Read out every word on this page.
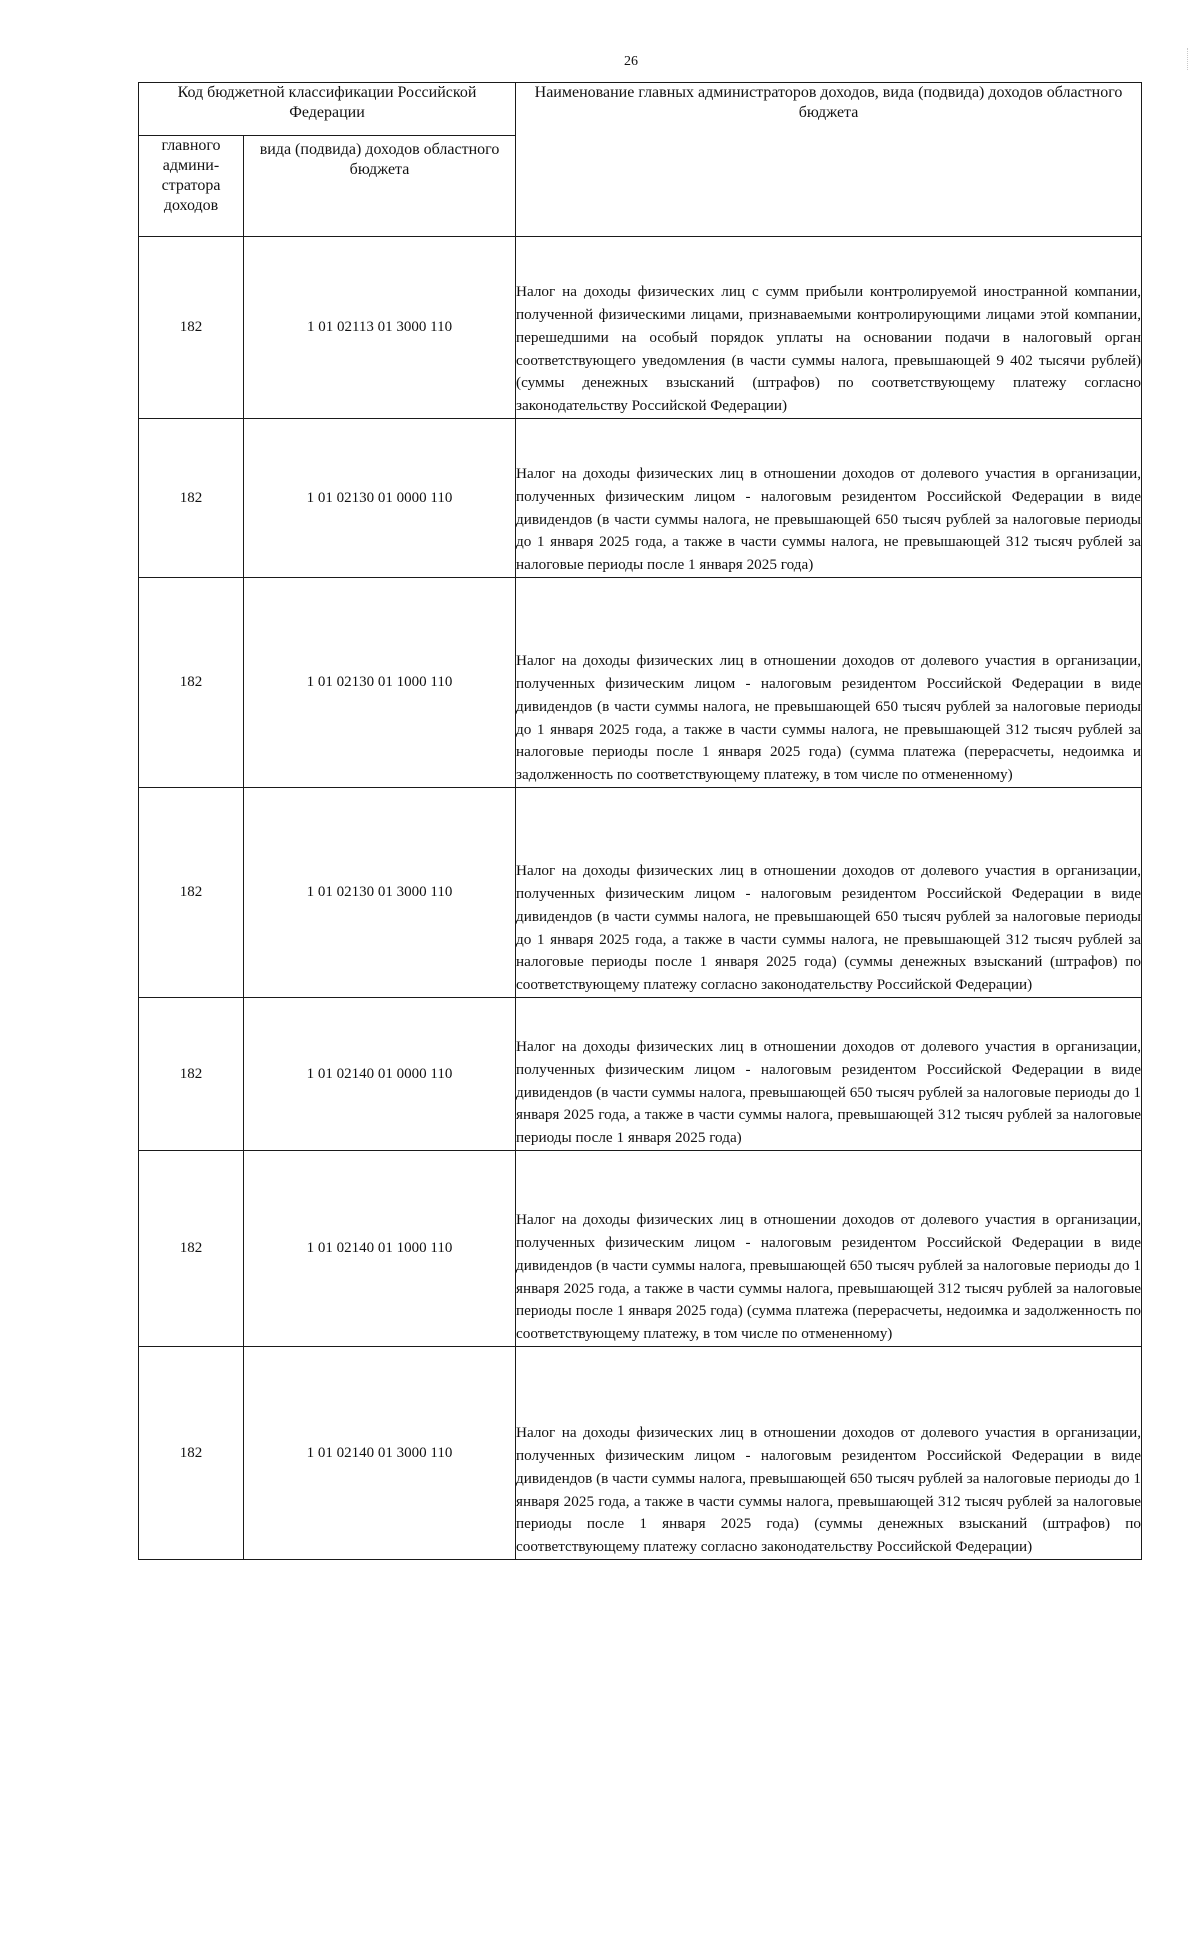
26
Код бюджетной классификации Российской Федерации		Наименование главных администраторов доходов, вида (подвида) доходов областного бюджета
главного админи-стратора доходов	вида (подвида) доходов областного бюджета	
182	1 01 02113 01 3000 110	Налог на доходы физических лиц с сумм прибыли контролируемой иностранной компании, полученной физическими лицами, признаваемыми контролирующими лицами этой компании, перешедшими на особый порядок уплаты на основании подачи в налоговый орган соответствующего уведомления (в части суммы налога, превышающей 9 402 тысячи рублей) (суммы денежных взысканий (штрафов) по соответствующему платежу согласно законодательству Российской Федерации)
182	1 01 02130 01 0000 110	Налог на доходы физических лиц в отношении доходов от долевого участия в организации, полученных физическим лицом - налоговым резидентом Российской Федерации в виде дивидендов (в части суммы налога, не превышающей 650 тысяч рублей за налоговые периоды до 1 января 2025 года, а также в части суммы налога, не превышающей 312 тысяч рублей за налоговые периоды после 1 января 2025 года)
182	1 01 02130 01 1000 110	Налог на доходы физических лиц в отношении доходов от долевого участия в организации, полученных физическим лицом - налоговым резидентом Российской Федерации в виде дивидендов (в части суммы налога, не превышающей 650 тысяч рублей за налоговые периоды до 1 января 2025 года, а также в части суммы налога, не превышающей 312 тысяч рублей за налоговые периоды после 1 января 2025 года) (сумма платежа (перерасчеты, недоимка и задолженность по соответствующему платежу, в том числе по отмененному)
182	1 01 02130 01 3000 110	Налог на доходы физических лиц в отношении доходов от долевого участия в организации, полученных физическим лицом - налоговым резидентом Российской Федерации в виде дивидендов (в части суммы налога, не превышающей 650 тысяч рублей за налоговые периоды до 1 января 2025 года, а также в части суммы налога, не превышающей 312 тысяч рублей за налоговые периоды после 1 января 2025 года) (суммы денежных взысканий (штрафов) по соответствующему платежу согласно законодательству Российской Федерации)
182	1 01 02140 01 0000 110	Налог на доходы физических лиц в отношении доходов от долевого участия в организации, полученных физическим лицом - налоговым резидентом Российской Федерации в виде дивидендов (в части суммы налога, превышающей 650 тысяч рублей за налоговые периоды до 1 января 2025 года, а также в части суммы налога, превышающей 312 тысяч рублей за налоговые периоды после 1 января 2025 года)
182	1 01 02140 01 1000 110	Налог на доходы физических лиц в отношении доходов от долевого участия в организации, полученных физическим лицом - налоговым резидентом Российской Федерации в виде дивидендов (в части суммы налога, превышающей 650 тысяч рублей за налоговые периоды до 1 января 2025 года, а также в части суммы налога, превышающей 312 тысяч рублей за налоговые периоды после 1 января 2025 года) (сумма платежа (перерасчеты, недоимка и задолженность по соответствующему платежу, в том числе по отмененному)
182	1 01 02140 01 3000 110	Налог на доходы физических лиц в отношении доходов от долевого участия в организации, полученных физическим лицом - налоговым резидентом Российской Федерации в виде дивидендов (в части суммы налога, превышающей 650 тысяч рублей за налоговые периоды до 1 января 2025 года, а также в части суммы налога, превышающей 312 тысяч рублей за налоговые периоды после 1 января 2025 года) (суммы денежных взысканий (штрафов) по соответствующему платежу согласно законодательству Российской Федерации)
